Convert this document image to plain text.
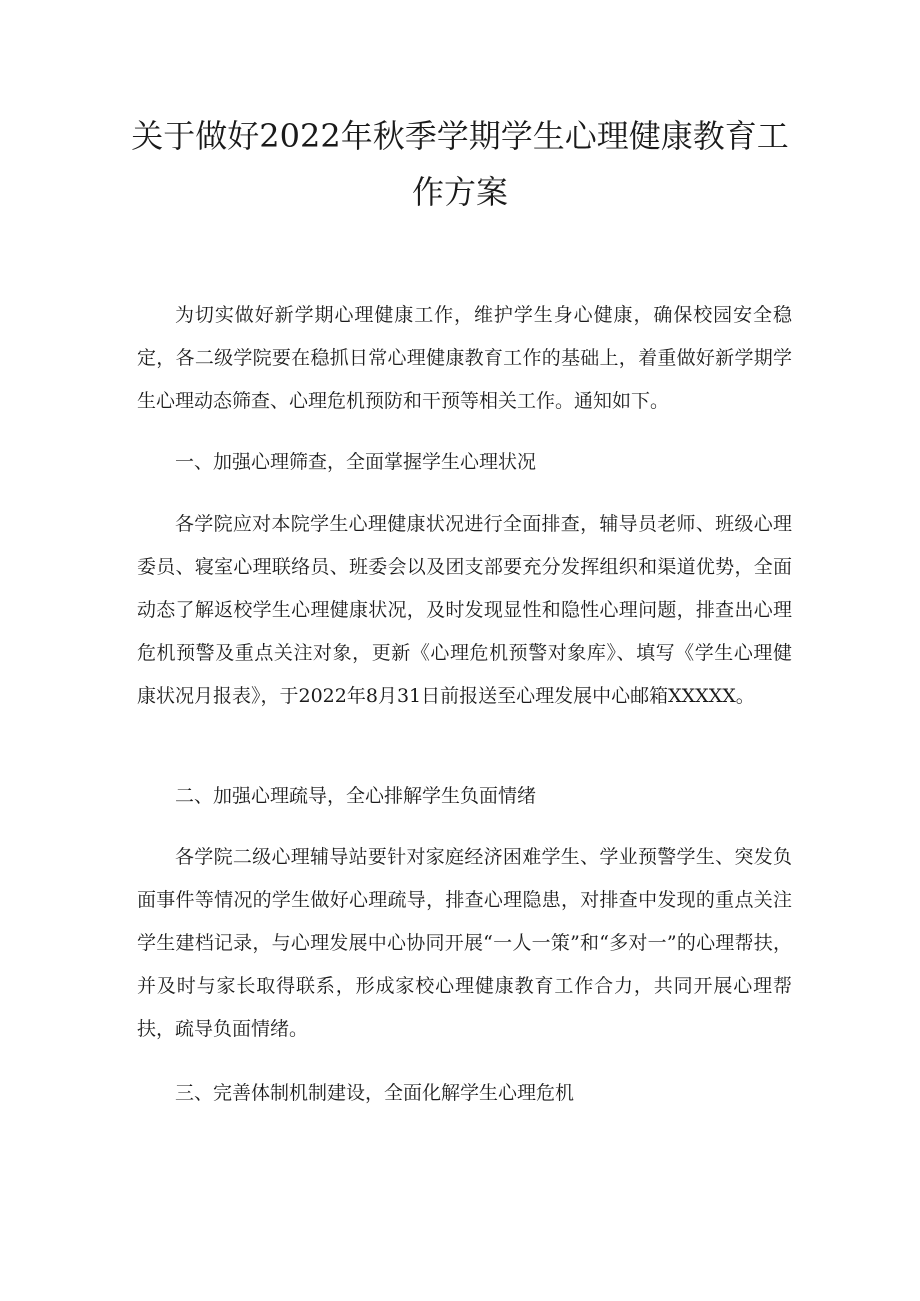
关于做好2022年秋季学期学生心理健康教育工作方案

为切实做好新学期心理健康工作，维护学生身心健康，确保校园安全稳定，各二级学院要在稳抓日常心理健康教育工作的基础上，着重做好新学期学生心理动态筛查、心理危机预防和干预等相关工作。通知如下。

一、加强心理筛查，全面掌握学生心理状况

各学院应对本院学生心理健康状况进行全面排查，辅导员老师、班级心理委员、寝室心理联络员、班委会以及团支部要充分发挥组织和渠道优势，全面动态了解返校学生心理健康状况，及时发现显性和隐性心理问题，排查出心理危机预警及重点关注对象，更新《心理危机预警对象库》、填写《学生心理健康状况月报表》，于2022年8月31日前报送至心理发展中心邮箱XXXXX。

二、加强心理疏导，全心排解学生负面情绪

各学院二级心理辅导站要针对家庭经济困难学生、学业预警学生、突发负面事件等情况的学生做好心理疏导，排查心理隐患，对排查中发现的重点关注学生建档记录，与心理发展中心协同开展“一人一策”和“多对一”的心理帮扶，并及时与家长取得联系，形成家校心理健康教育工作合力，共同开展心理帮扶，疏导负面情绪。

三、完善体制机制建设，全面化解学生心理危机
